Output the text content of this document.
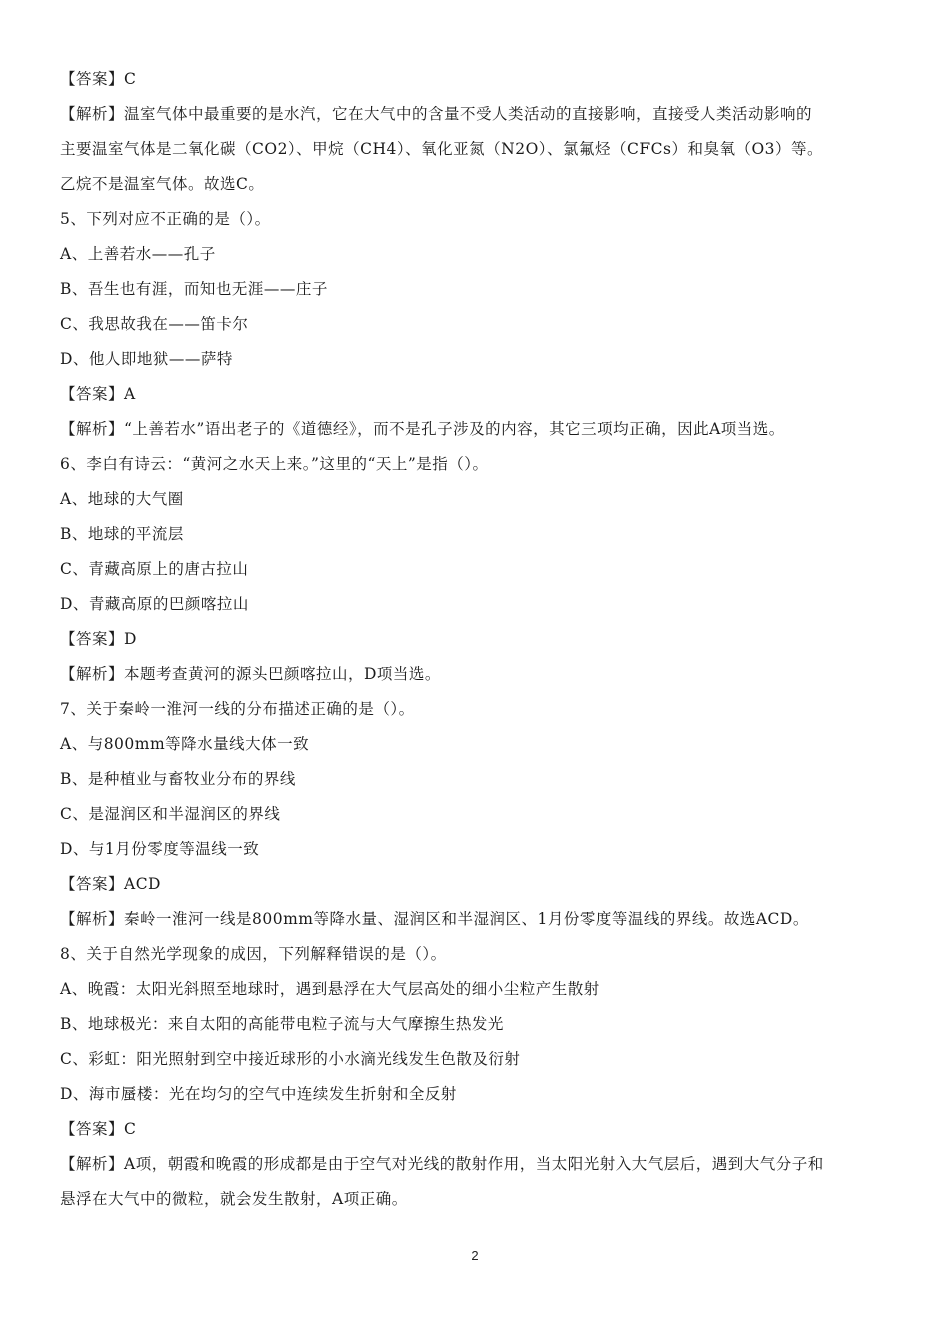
【答案】C
【解析】温室气体中最重要的是水汽，它在大气中的含量不受人类活动的直接影响，直接受人类活动影响的
主要温室气体是二氧化碳（CO2）、甲烷（CH4）、氧化亚氮（N2O）、氯氟烃（CFCs）和臭氧（O3）等。
乙烷不是温室气体。故选C。
5、下列对应不正确的是（）。
A、上善若水——孔子
B、吾生也有涯，而知也无涯——庄子
C、我思故我在——笛卡尔
D、他人即地狱——萨特
【答案】A
【解析】“上善若水”语出老子的《道德经》，而不是孔子涉及的内容，其它三项均正确，因此A项当选。
6、李白有诗云：“黄河之水天上来。”这里的“天上”是指（）。
A、地球的大气圈
B、地球的平流层
C、青藏高原上的唐古拉山
D、青藏高原的巴颜喀拉山
【答案】D
【解析】本题考查黄河的源头巴颜喀拉山，D项当选。
7、关于秦岭一淮河一线的分布描述正确的是（）。
A、与800mm等降水量线大体一致
B、是种植业与畜牧业分布的界线
C、是湿润区和半湿润区的界线
D、与1月份零度等温线一致
【答案】ACD
【解析】秦岭一淮河一线是800mm等降水量、湿润区和半湿润区、1月份零度等温线的界线。故选ACD。
8、关于自然光学现象的成因，下列解释错误的是（）。
A、晚霞：太阳光斜照至地球时，遇到悬浮在大气层高处的细小尘粒产生散射
B、地球极光：来自太阳的高能带电粒子流与大气摩擦生热发光
C、彩虹：阳光照射到空中接近球形的小水滴光线发生色散及衍射
D、海市蜃楼：光在均匀的空气中连续发生折射和全反射
【答案】C
【解析】A项，朝霞和晚霞的形成都是由于空气对光线的散射作用，当太阳光射入大气层后，遇到大气分子和
悬浮在大气中的微粒，就会发生散射，A项正确。
2
